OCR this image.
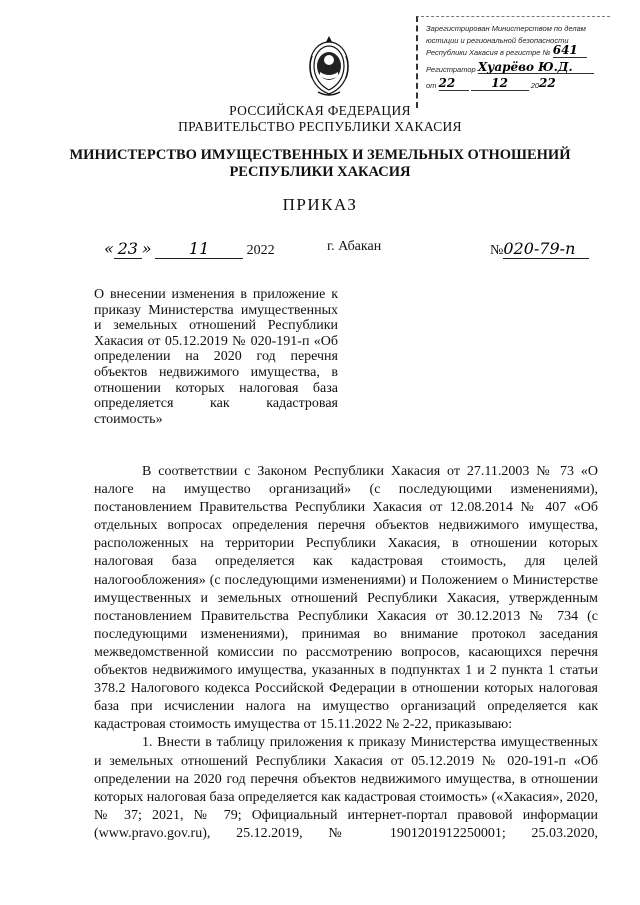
Зарегистрирован Министерством по делам
юстиции и региональной безопасности
Республики Хакасия в регистре № 641
Регистратор Хуарёво Ю.Д.
от 22	12	2022
РОССИЙСКАЯ ФЕДЕРАЦИЯ
ПРАВИТЕЛЬСТВО РЕСПУБЛИКИ ХАКАСИЯ
МИНИСТЕРСТВО ИМУЩЕСТВЕННЫХ И ЗЕМЕЛЬНЫХ ОТНОШЕНИЙ
РЕСПУБЛИКИ ХАКАСИЯ
ПРИКАЗ
« 23 » 11	2022	г. Абакан	№020-79-п
О внесении изменения в приложение к приказу Министерства имущественных и земельных отношений Республики Хакасия от 05.12.2019 № 020-191-п «Об определении на 2020 год перечня объектов недвижимого имущества, в отношении которых налоговая база определяется как кадастровая стоимость»

В соответствии с Законом Республики Хакасия от 27.11.2003 № 73 «О налоге на имущество организаций» (с последующими изменениями), постановлением Правительства Республики Хакасия от 12.08.2014 № 407 «Об отдельных вопросах определения перечня объектов недвижимого имущества, расположенных на территории Республики Хакасия, в отношении которых налоговая база определяется как кадастровая стоимость, для целей налогообложения» (с последующими изменениями) и Положением о Министерстве имущественных и земельных отношений Республики Хакасия, утвержденным постановлением Правительства Республики Хакасия от 30.12.2013 № 734 (с последующими изменениями), принимая во внимание протокол заседания межведомственной комиссии по рассмотрению вопросов, касающихся перечня объектов недвижимого имущества, указанных в подпунктах 1 и 2 пункта 1 статьи 378.2 Налогового кодекса Российской Федерации в отношении которых налоговая база при исчислении налога на имущество организаций определяется как кадастровая стоимость имущества от 15.11.2022 № 2-22, приказываю:

1. Внести в таблицу приложения к приказу Министерства имущественных и земельных отношений Республики Хакасия от 05.12.2019 № 020-191-п «Об определении на 2020 год перечня объектов недвижимого имущества, в отношении которых налоговая база определяется как кадастровая стоимость» («Хакасия», 2020, № 37; 2021, № 79; Официальный интернет-портал правовой информации (www.pravo.gov.ru), 25.12.2019, № 1901201912250001; 25.03.2020,
